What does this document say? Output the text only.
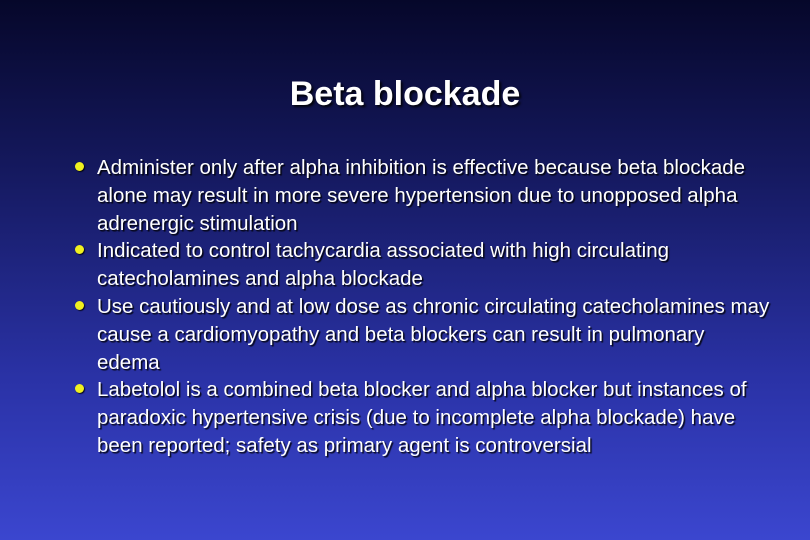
Beta blockade
Administer only after alpha inhibition is effective because beta blockade alone may result in more severe hypertension due to unopposed alpha adrenergic stimulation
Indicated to control tachycardia associated with high circulating catecholamines and alpha blockade
Use cautiously and at low dose as chronic circulating catecholamines may cause a cardiomyopathy and beta blockers can result in pulmonary edema
Labetolol is a combined beta blocker and alpha blocker but instances of paradoxic hypertensive crisis (due to incomplete alpha blockade) have been reported; safety as primary agent is controversial
